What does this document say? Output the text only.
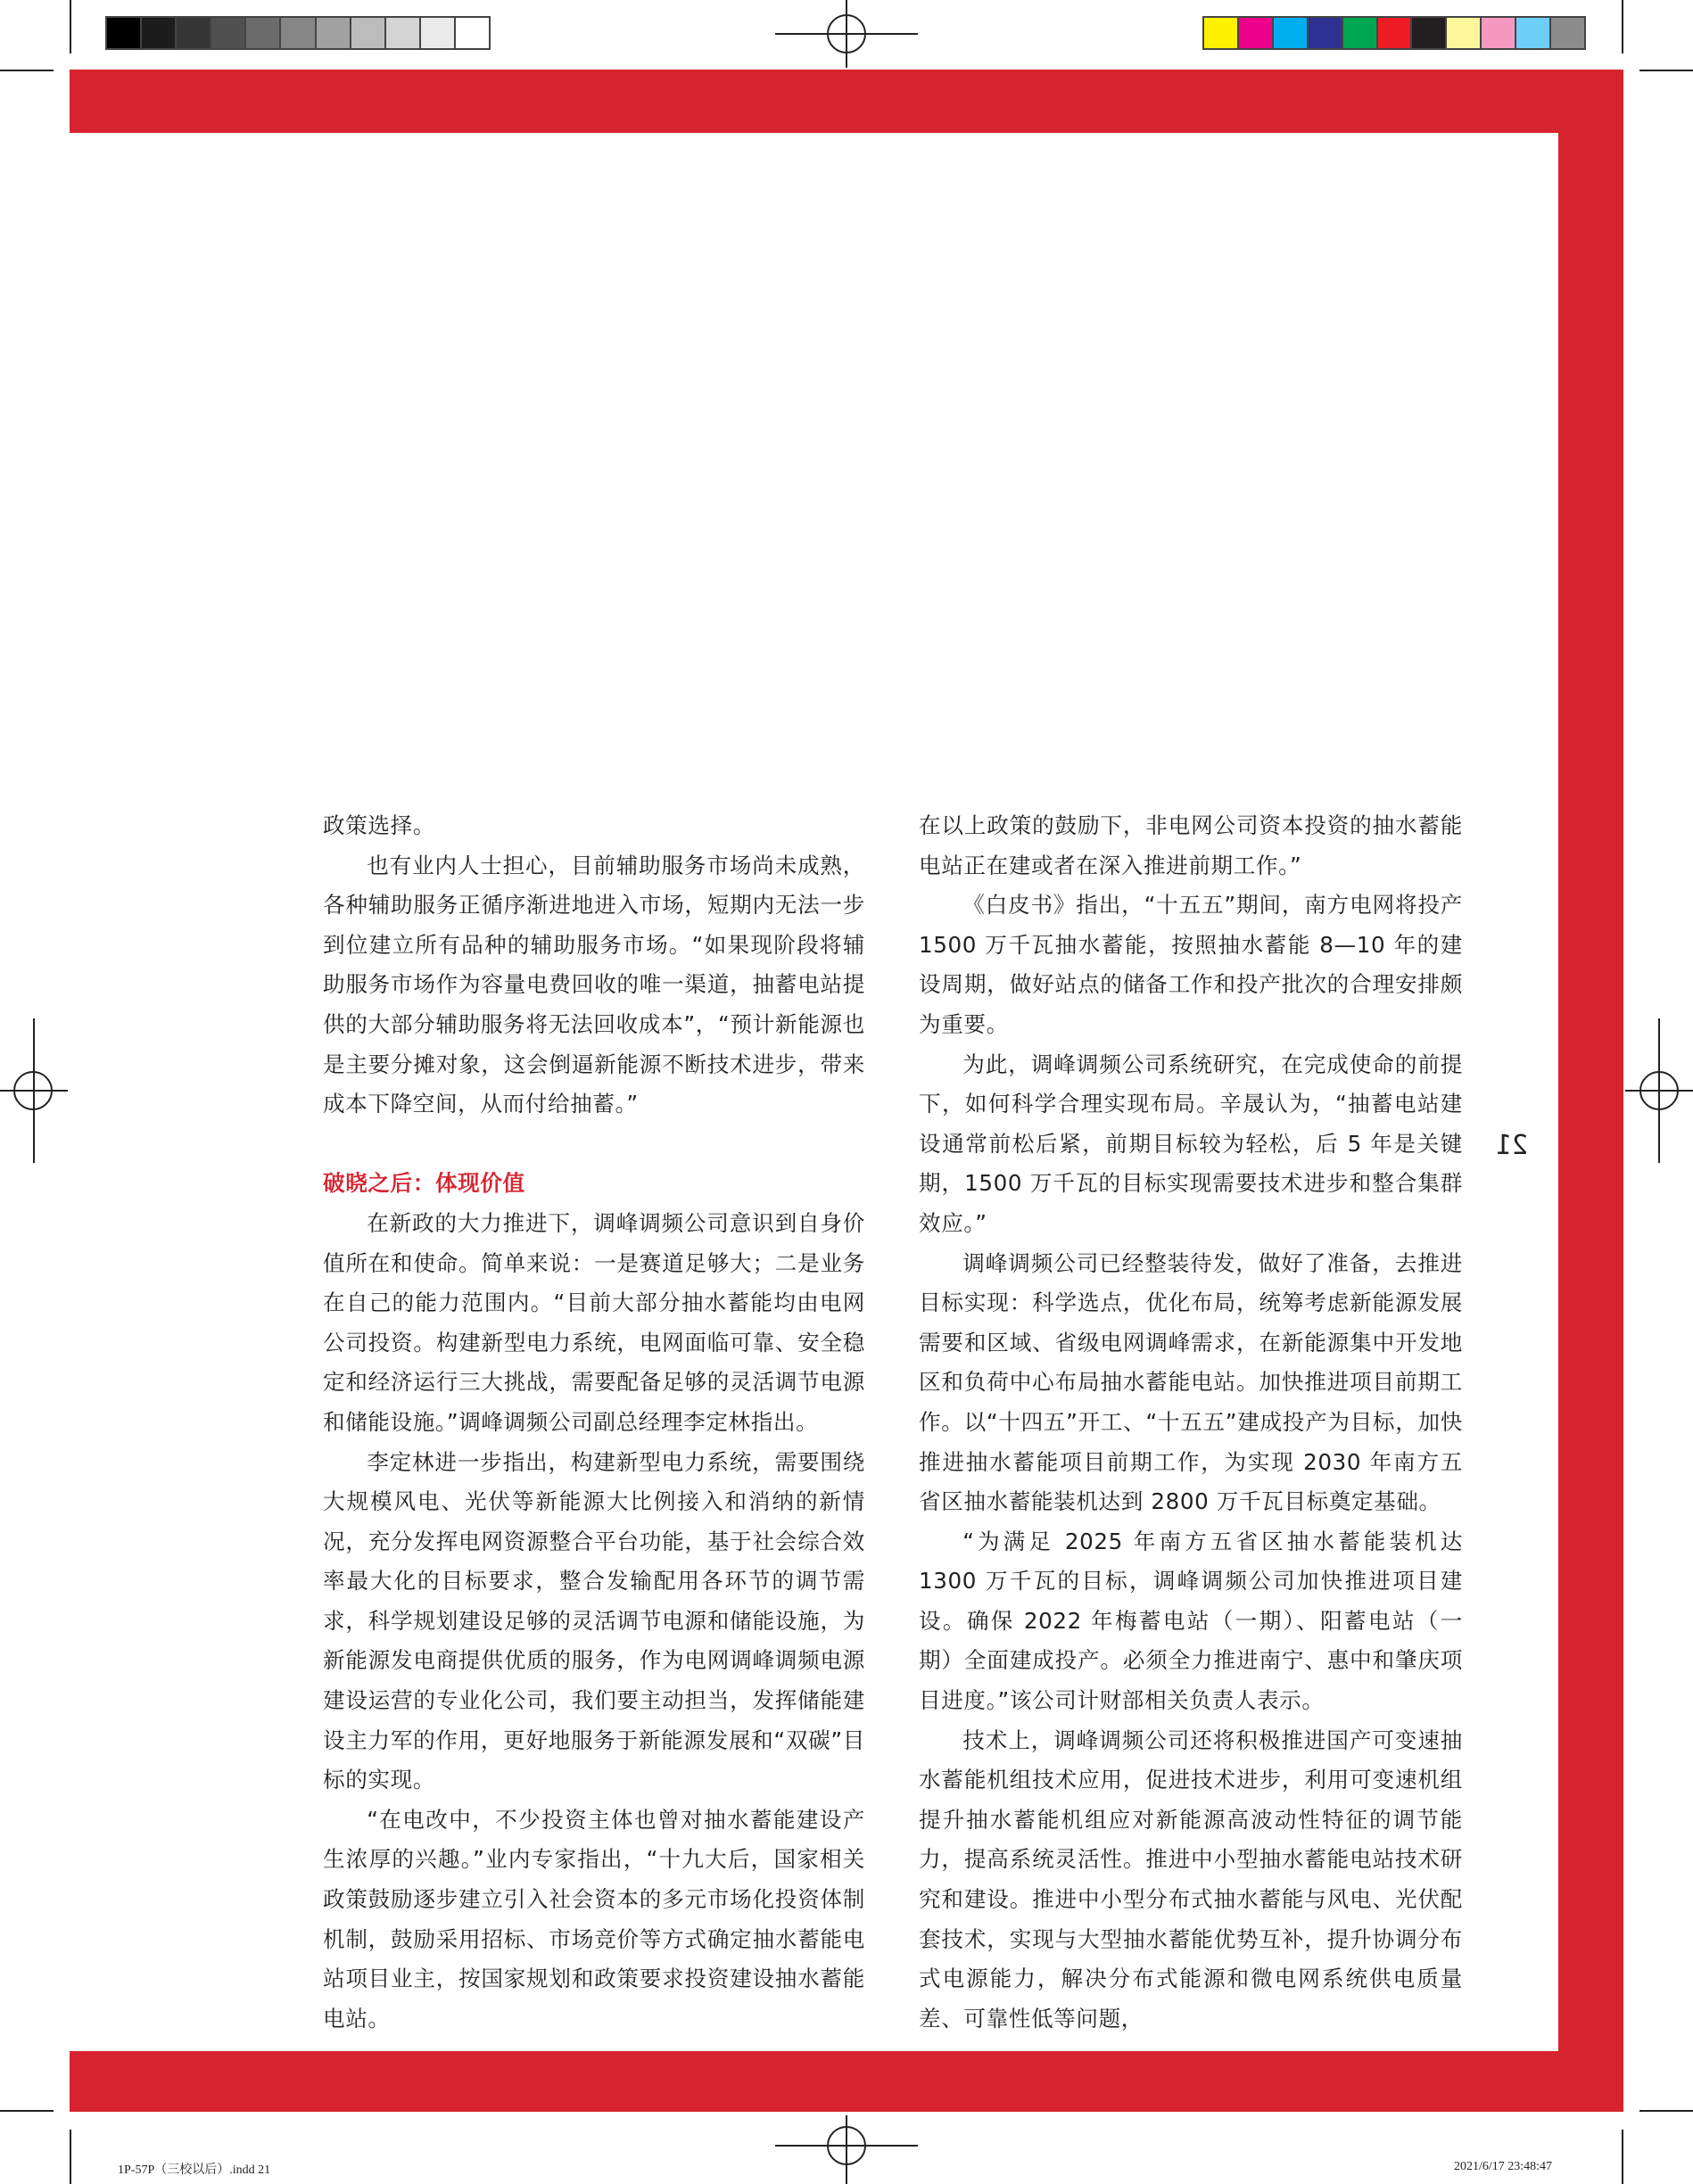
21

政策选择。

也有业内人士担心，目前辅助服务市场尚未成熟，各种辅助服务正循序渐进地进入市场，短期内无法一步到位建立所有品种的辅助服务市场。“如果现阶段将辅助服务市场作为容量电费回收的唯一渠道，抽蓄电站提供的大部分辅助服务将无法回收成本”，“预计新能源也是主要分摊对象，这会倒逼新能源不断技术进步，带来成本下降空间，从而付给抽蓄。”

破晓之后：体现价值

在新政的大力推进下，调峰调频公司意识到自身价值所在和使命。简单来说：一是赛道足够大；二是业务在自己的能力范围内。“目前大部分抽水蓄能均由电网公司投资。构建新型电力系统，电网面临可靠、安全稳定和经济运行三大挑战，需要配备足够的灵活调节电源和储能设施。”调峰调频公司副总经理李定林指出。

李定林进一步指出，构建新型电力系统，需要围绕大规模风电、光伏等新能源大比例接入和消纳的新情况，充分发挥电网资源整合平台功能，基于社会综合效率最大化的目标要求，整合发输配用各环节的调节需求，科学规划建设足够的灵活调节电源和储能设施，为新能源发电商提供优质的服务，作为电网调峰调频电源建设运营的专业化公司，我们要主动担当，发挥储能建设主力军的作用，更好地服务于新能源发展和“双碳”目标的实现。

“在电改中，不少投资主体也曾对抽水蓄能建设产生浓厚的兴趣。”业内专家指出，“十九大后，国家相关政策鼓励逐步建立引入社会资本的多元市场化投资体制机制，鼓励采用招标、市场竞价等方式确定抽水蓄能电站项目业主，按国家规划和政策要求投资建设抽水蓄能电站。

在以上政策的鼓励下，非电网公司资本投资的抽水蓄能电站正在建或者在深入推进前期工作。”

《白皮书》指出，“十五五”期间，南方电网将投产 1500 万千瓦抽水蓄能，按照抽水蓄能 8—10 年的建设周期，做好站点的储备工作和投产批次的合理安排颇为重要。

为此，调峰调频公司系统研究，在完成使命的前提下，如何科学合理实现布局。辛晟认为，“抽蓄电站建设通常前松后紧，前期目标较为轻松，后 5 年是关键期，1500 万千瓦的目标实现需要技术进步和整合集群效应。”

调峰调频公司已经整装待发，做好了准备，去推进目标实现：科学选点，优化布局，统筹考虑新能源发展需要和区域、省级电网调峰需求，在新能源集中开发地区和负荷中心布局抽水蓄能电站。加快推进项目前期工作。以“十四五”开工、“十五五”建成投产为目标，加快推进抽水蓄能项目前期工作，为实现 2030 年南方五省区抽水蓄能装机达到 2800 万千瓦目标奠定基础。

“为满足 2025 年南方五省区抽水蓄能装机达 1300 万千瓦的目标，调峰调频公司加快推进项目建设。确保 2022 年梅蓄电站（一期）、阳蓄电站（一期）全面建成投产。必须全力推进南宁、惠中和肇庆项目进度。”该公司计财部相关负责人表示。

技术上，调峰调频公司还将积极推进国产可变速抽水蓄能机组技术应用，促进技术进步，利用可变速机组提升抽水蓄能机组应对新能源高波动性特征的调节能力，提高系统灵活性。推进中小型抽水蓄能电站技术研究和建设。推进中小型分布式抽水蓄能与风电、光伏配套技术，实现与大型抽水蓄能优势互补，提升协调分布式电源能力，解决分布式能源和微电网系统供电质量差、可靠性低等问题，

1P-57P（三校以后）.indd 21	2021/6/17 23:48:47
